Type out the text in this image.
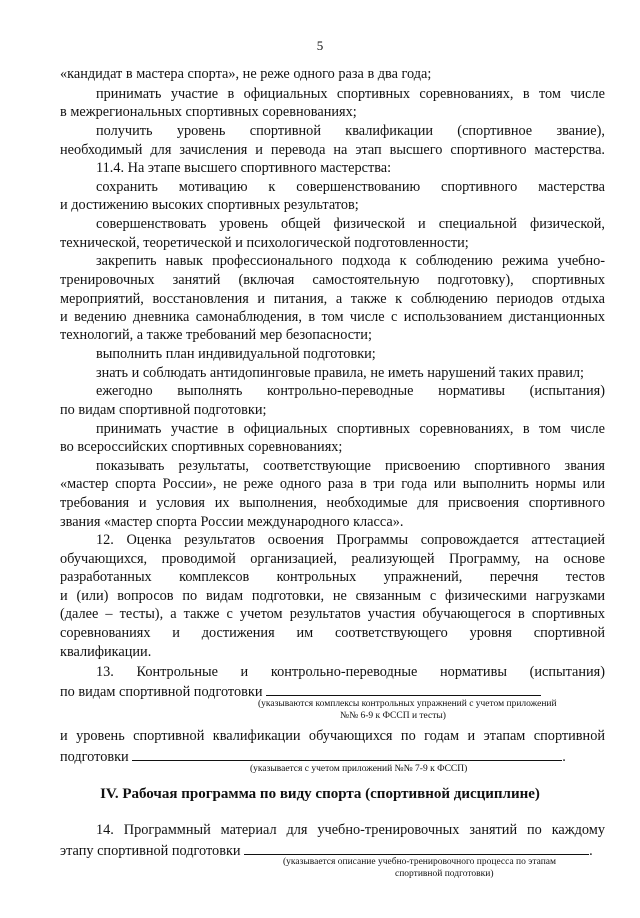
5
«кандидат в мастера спорта», не реже одного раза в два года;
принимать участие в официальных спортивных соревнованиях, в том числе
в межрегиональных спортивных соревнованиях;
получить уровень спортивной квалификации (спортивное звание),
необходимый для зачисления и перевода на этап высшего спортивного мастерства.
11.4. На этапе высшего спортивного мастерства:
сохранить мотивацию к совершенствованию спортивного мастерства
и достижению высоких спортивных результатов;
совершенствовать уровень общей физической и специальной физической,
технической, теоретической и психологической подготовленности;
закрепить навык профессионального подхода к соблюдению режима учебно-
тренировочных занятий (включая самостоятельную подготовку), спортивных
мероприятий, восстановления и питания, а также к соблюдению периодов отдыха
и ведению дневника самонаблюдения, в том числе с использованием дистанционных
технологий, а также требований мер безопасности;
выполнить план индивидуальной подготовки;
знать и соблюдать антидопинговые правила, не иметь нарушений таких правил;
ежегодно выполнять контрольно-переводные нормативы (испытания)
по видам спортивной подготовки;
принимать участие в официальных спортивных соревнованиях, в том числе
во всероссийских спортивных соревнованиях;
показывать результаты, соответствующие присвоению спортивного звания
«мастер спорта России», не реже одного раза в три года или выполнить нормы или
требования и условия их выполнения, необходимые для присвоения спортивного
звания «мастер спорта России международного класса».
12. Оценка результатов освоения Программы сопровождается аттестацией
обучающихся, проводимой организацией, реализующей Программу, на основе
разработанных комплексов контрольных упражнений, перечня тестов
и (или) вопросов по видам подготовки, не связанным с физическими нагрузками
(далее – тесты), а также с учетом результатов участия обучающегося в спортивных
соревнованиях и достижения им соответствующего уровня спортивной
квалификации.
13. Контрольные и контрольно-переводные нормативы (испытания)
по видам спортивной подготовки
(указываются комплексы контрольных упражнений с учетом приложений
№№ 6-9 к ФССП и тесты)
и уровень спортивной квалификации обучающихся по годам и этапам спортивной
подготовки	.
(указывается с учетом приложений №№ 7-9 к ФССП)
IV. Рабочая программа по виду спорта (спортивной дисциплине)
14. Программный материал для учебно-тренировочных занятий по каждому
этапу спортивной подготовки	.
(указывается описание учебно-тренировочного процесса по этапам
спортивной подготовки)
